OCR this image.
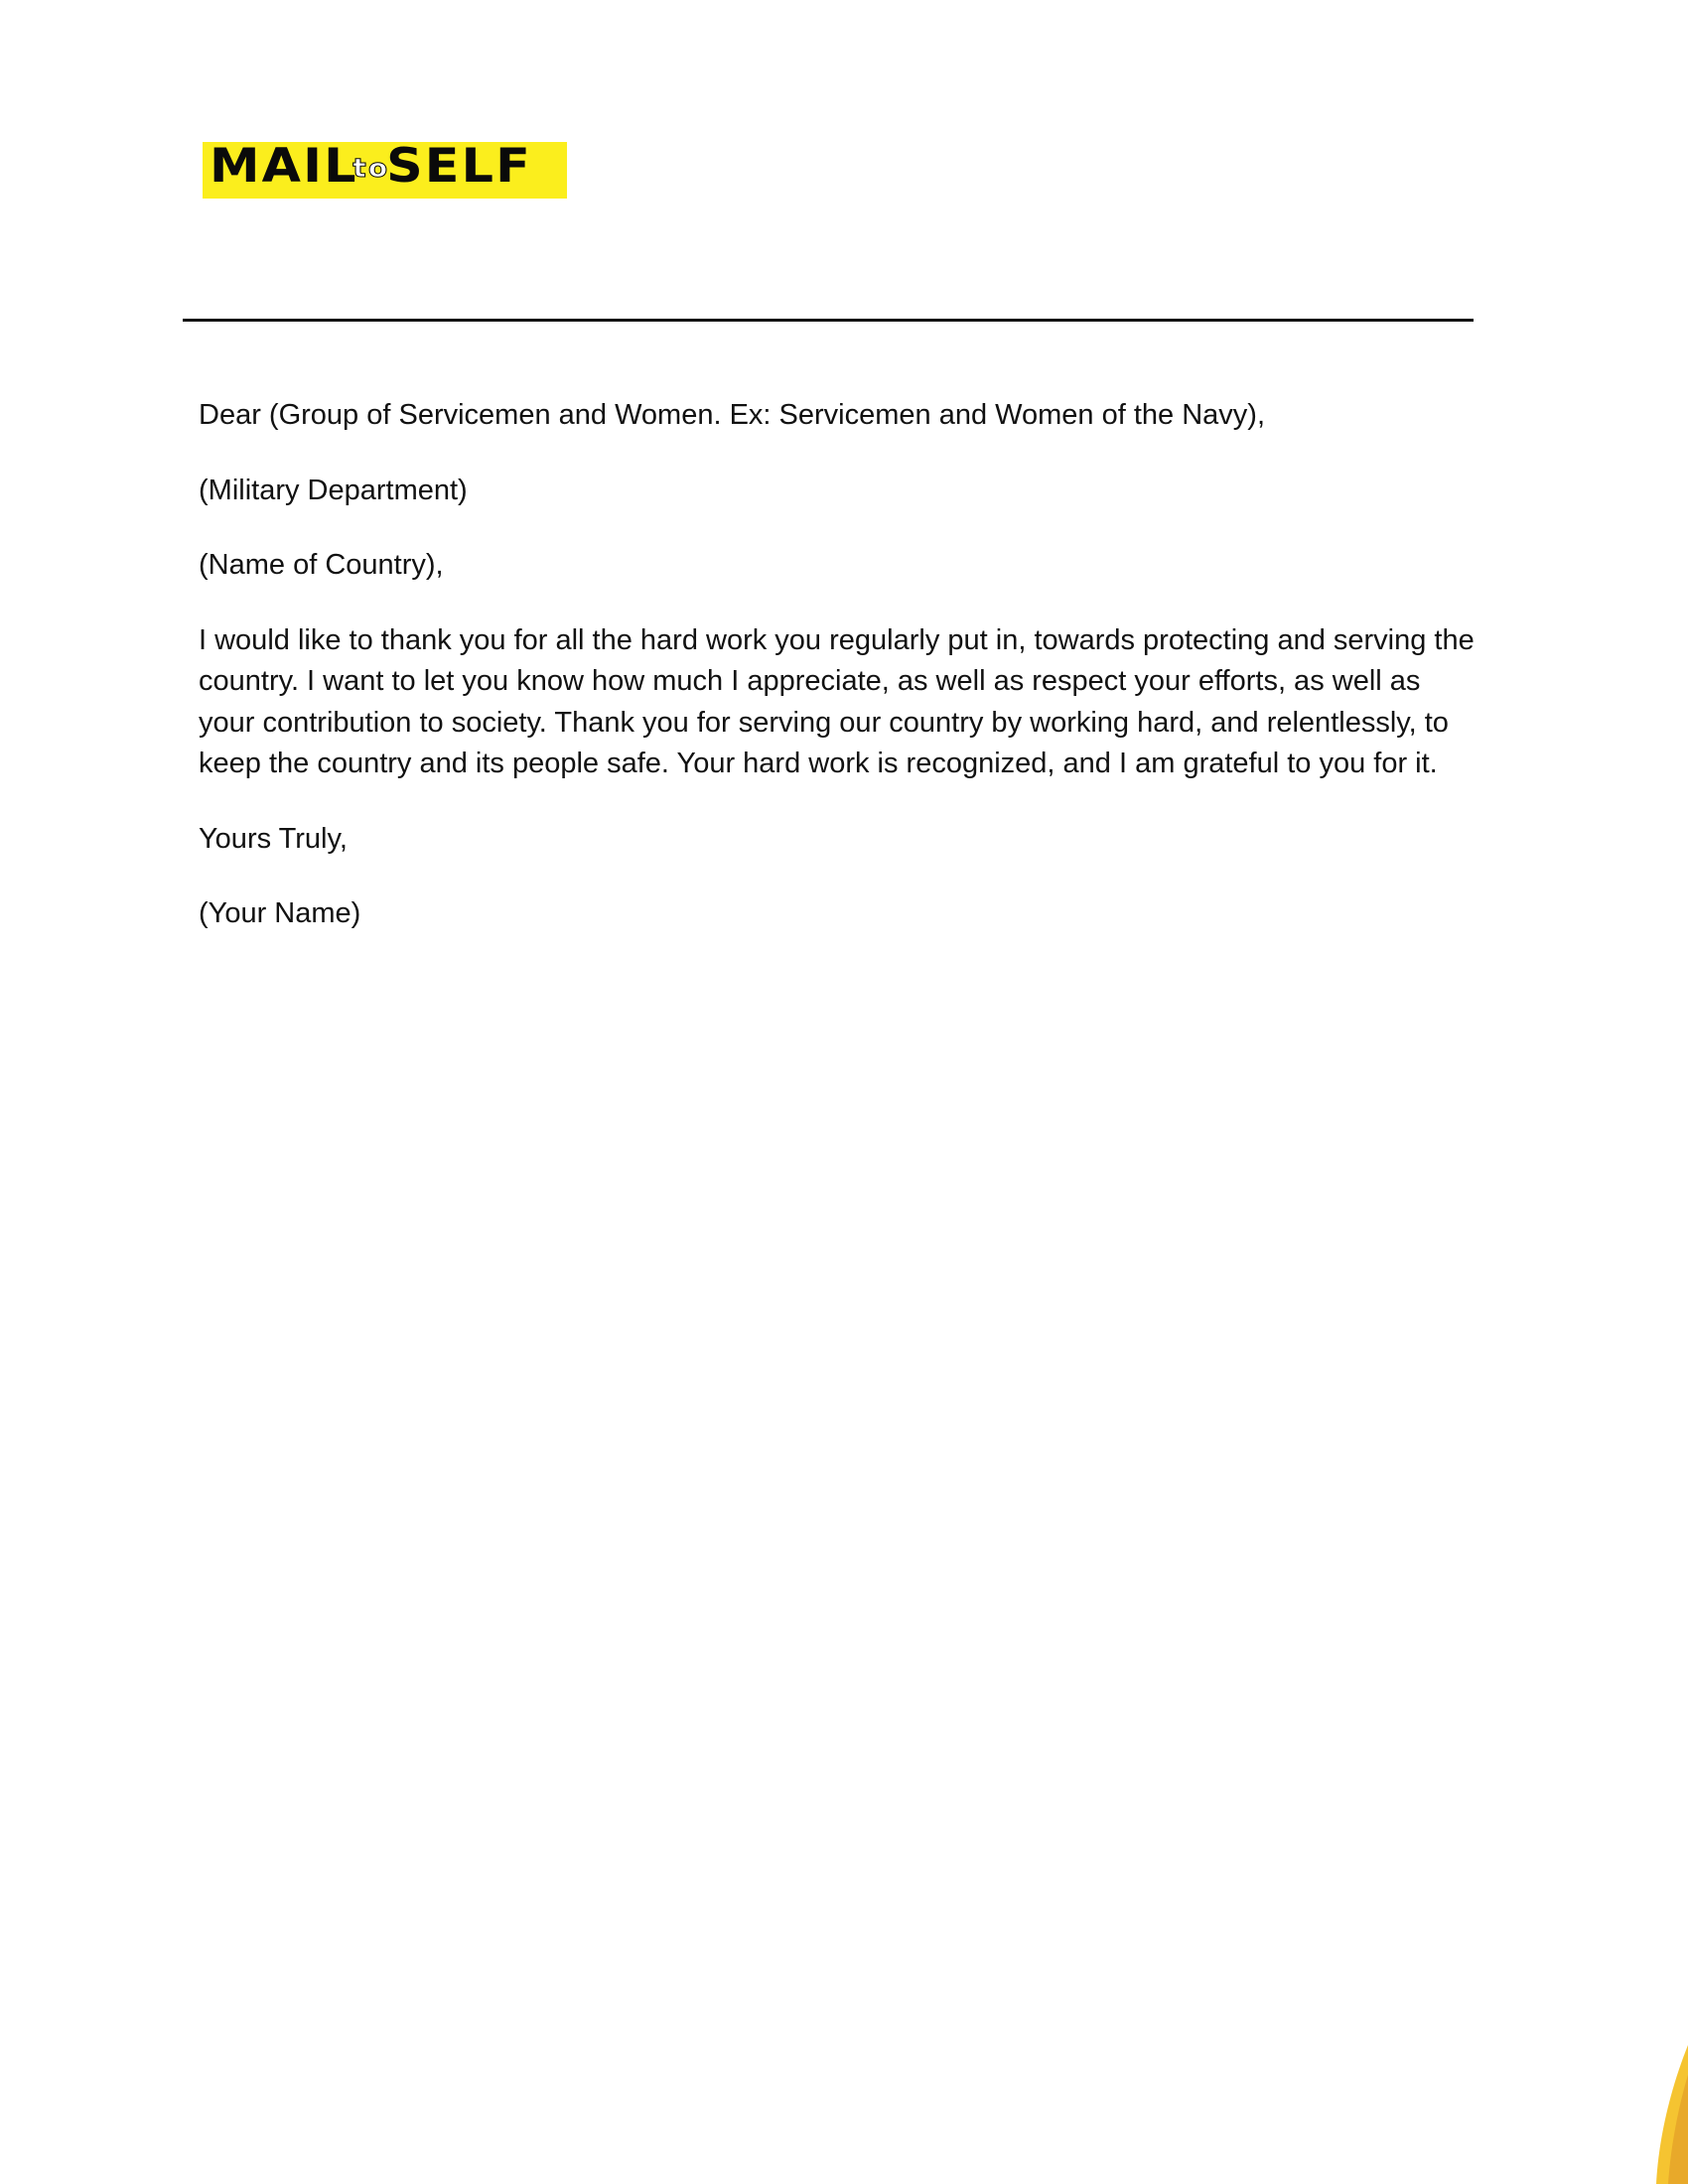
MAILtoSELF

Dear (Group of Servicemen and Women. Ex: Servicemen and Women of the Navy),

(Military Department)

(Name of Country),

I would like to thank you for all the hard work you regularly put in, towards protecting and serving the country. I want to let you know how much I appreciate, as well as respect your efforts, as well as your contribution to society. Thank you for serving our country by working hard, and relentlessly, to keep the country and its people safe. Your hard work is recognized, and I am grateful to you for it.

Yours Truly,

(Your Name)
